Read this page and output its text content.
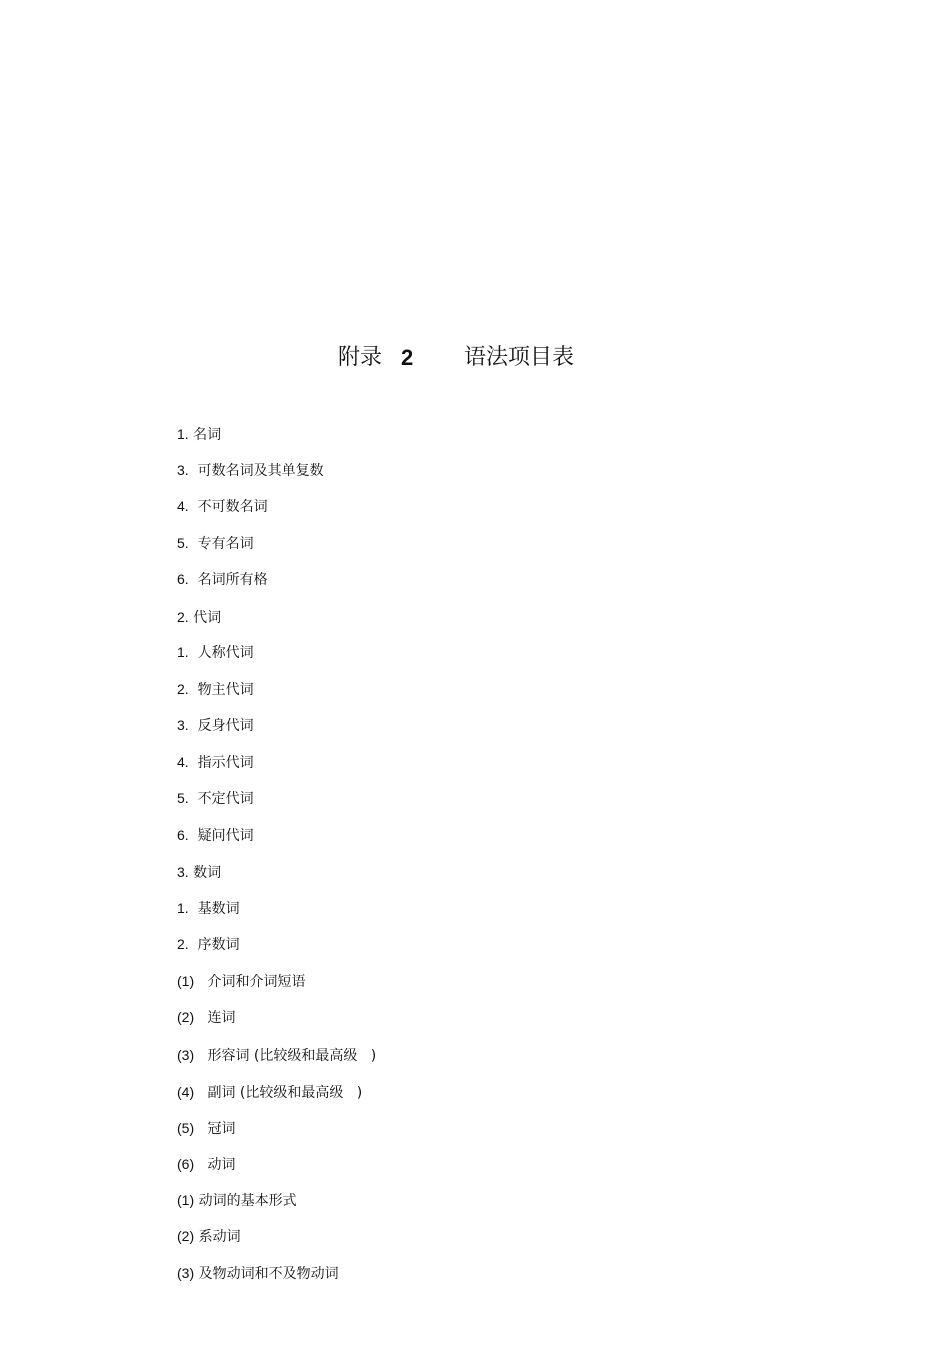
附录 2 语法项目表
1. 名词
3. 可数名词及其单复数
4. 不可数名词
5. 专有名词
6. 名词所有格
2. 代词
1. 人称代词
2. 物主代词
3. 反身代词
4. 指示代词
5. 不定代词
6. 疑问代词
3. 数词
1. 基数词
2. 序数词
(1) 介词和介词短语
(2) 连词
(3) 形容词 (比较级和最高级   )
(4) 副词 (比较级和最高级   )
(5) 冠词
(6) 动词
(1) 动词的基本形式
(2) 系动词
(3) 及物动词和不及物动词
